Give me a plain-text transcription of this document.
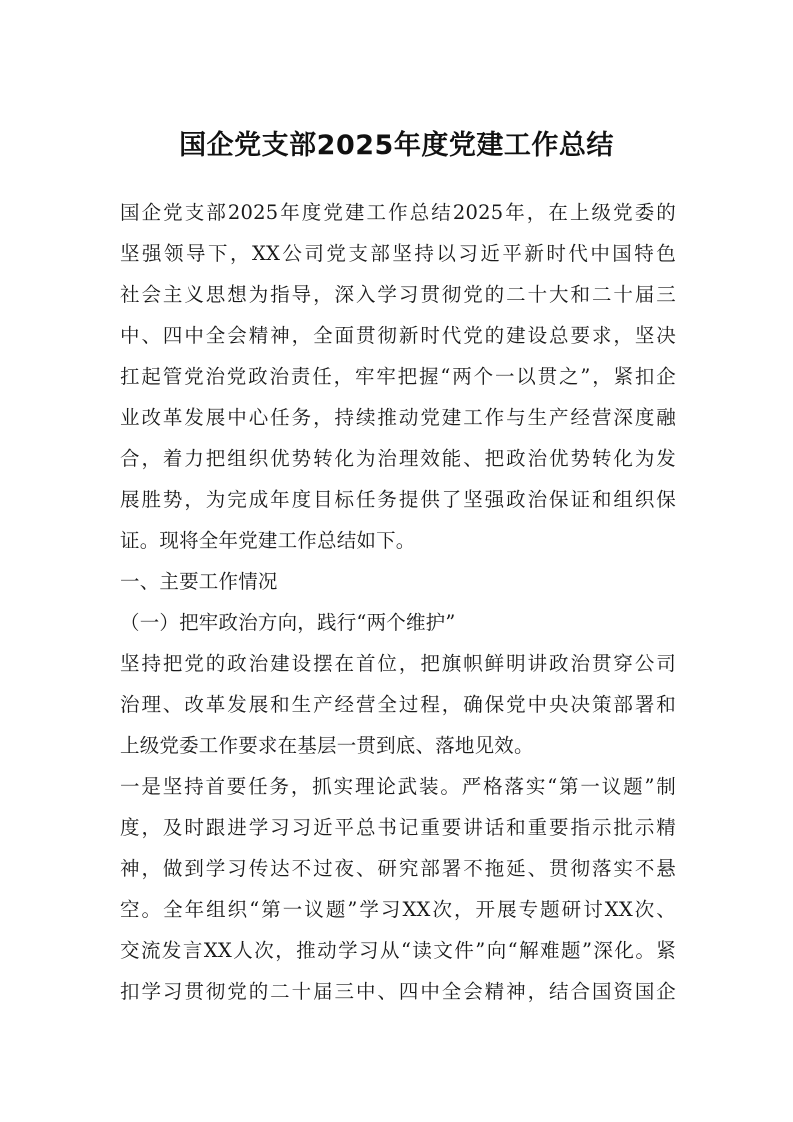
国企党支部2025年度党建工作总结
国企党支部2025年度党建工作总结2025年，在上级党委的
坚强领导下，XX公司党支部坚持以习近平新时代中国特色
社会主义思想为指导，深入学习贯彻党的二十大和二十届三
中、四中全会精神，全面贯彻新时代党的建设总要求，坚决
扛起管党治党政治责任，牢牢把握“两个一以贯之”，紧扣企
业改革发展中心任务，持续推动党建工作与生产经营深度融
合，着力把组织优势转化为治理效能、把政治优势转化为发
展胜势，为完成年度目标任务提供了坚强政治保证和组织保
证。现将全年党建工作总结如下。
一、主要工作情况
（一）把牢政治方向，践行“两个维护”
坚持把党的政治建设摆在首位，把旗帜鲜明讲政治贯穿公司
治理、改革发展和生产经营全过程，确保党中央决策部署和
上级党委工作要求在基层一贯到底、落地见效。
一是坚持首要任务，抓实理论武装。严格落实“第一议题”制
度，及时跟进学习习近平总书记重要讲话和重要指示批示精
神，做到学习传达不过夜、研究部署不拖延、贯彻落实不悬
空。全年组织“第一议题”学习XX次，开展专题研讨XX次、
交流发言XX人次，推动学习从“读文件”向“解难题”深化。紧
扣学习贯彻党的二十届三中、四中全会精神，结合国资国企
